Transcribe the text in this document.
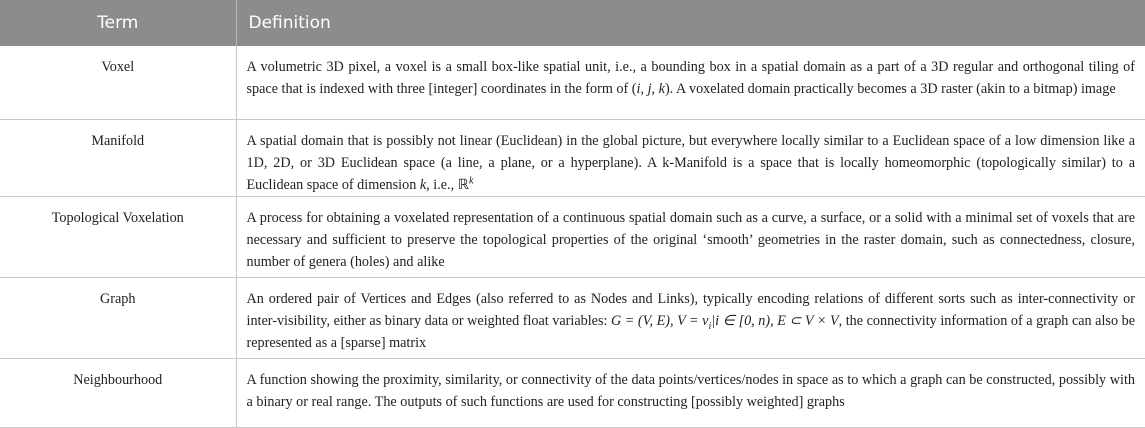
Term	Definition
Voxel	A volumetric 3D pixel, a voxel is a small box-like spatial unit, i.e., a bounding box in a spatial domain as a part of a 3D regular and orthogonal tiling of space that is indexed with three [integer] coordinates in the form of (i, j, k). A voxelated domain practically becomes a 3D raster (akin to a bitmap) image
Manifold	A spatial domain that is possibly not linear (Euclidean) in the global picture, but everywhere locally similar to a Euclidean space of a low dimension like a 1D, 2D, or 3D Euclidean space (a line, a plane, or a hyperplane). A k-Manifold is a space that is locally homeomorphic (topologically similar) to a Euclidean space of dimension k, i.e., ℝ$^k$
Topological Voxelation	A process for obtaining a voxelated representation of a continuous spatial domain such as a curve, a surface, or a solid with a minimal set of voxels that are necessary and sufficient to preserve the topological properties of the original ‘smooth’ geometries in the raster domain, such as connectedness, closure, number of genera (holes) and alike
Graph	An ordered pair of Vertices and Edges (also referred to as Nodes and Links), typically encoding relations of different sorts such as inter-connectivity or inter-visibility, either as binary data or weighted float variables: G = (V, E), $V = v_i|i$ ∈ [0, n), E ⊂ V × V, the connectivity information of a graph can also be represented as a [sparse] matrix
Neighbourhood	A function showing the proximity, similarity, or connectivity of the data points/vertices/nodes in space as to which a graph can be constructed, possibly with a binary or real range. The outputs of such functions are used for constructing [possibly weighted] graphs
